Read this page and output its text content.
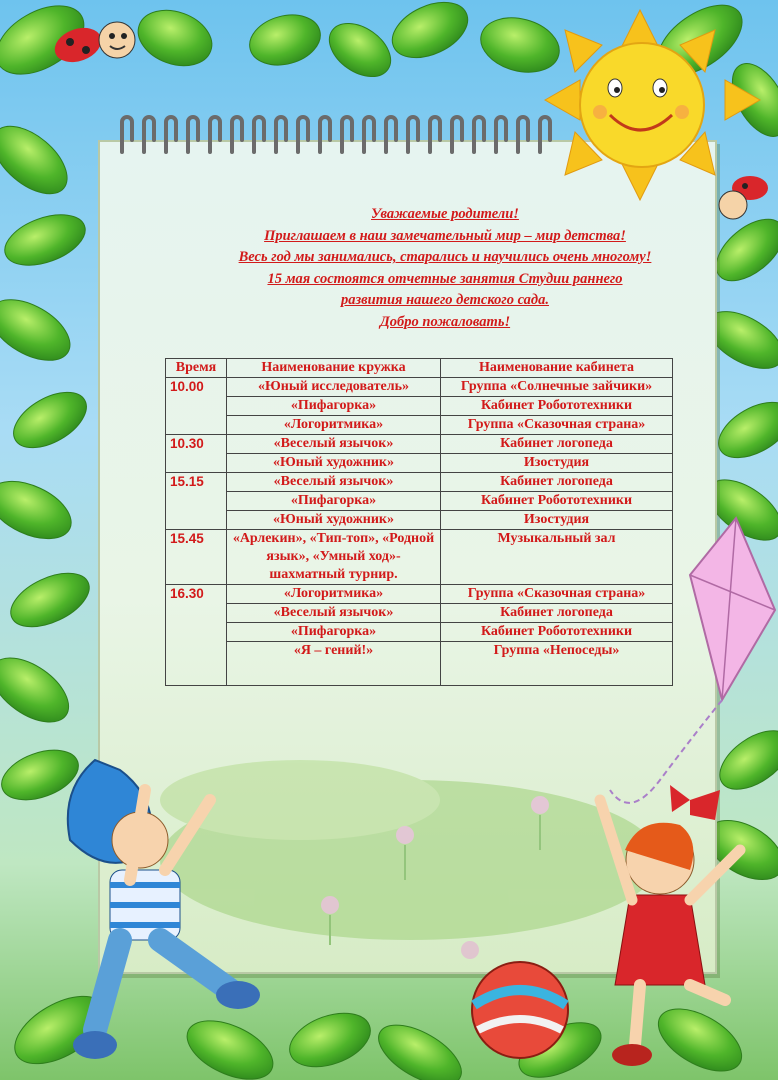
Уважаемые родители!
Приглашаем в наш замечательный мир – мир детства!
Весь год мы занимались, старались и научились очень многому!
15 мая состоятся отчетные занятия Студии раннего
развития нашего детского сада.
Добро пожаловать!
Время	Наименование кружка	Наименование кабинета
10.00	«Юный исследователь»	Группа «Солнечные зайчики»
	«Пифагорка»	Кабинет Робототехники
	«Логоритмика»	Группа «Сказочная страна»
10.30	«Веселый язычок»	Кабинет логопеда
	«Юный художник»	Изостудия
15.15	«Веселый язычок»	Кабинет логопеда
	«Пифагорка»	Кабинет Робототехники
	«Юный художник»	Изостудия
15.45	«Арлекин», «Тип-топ», «Родной язык», «Умный ход»- шахматный турнир.	Музыкальный зал
16.30	«Логоритмика»	Группа «Сказочная страна»
	«Веселый язычок»	Кабинет логопеда
	«Пифагорка»	Кабинет Робототехники
	«Я – гений!»	Группа «Непоседы»
